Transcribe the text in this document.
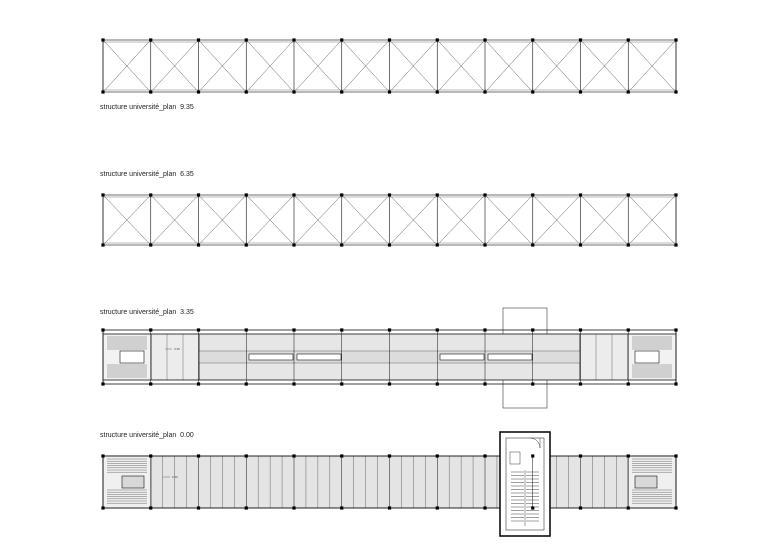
structure université_plan  9.35
structure université_plan  6.35
structure université_plan  3.35
structure université_plan  0.00
3.35
0.00
